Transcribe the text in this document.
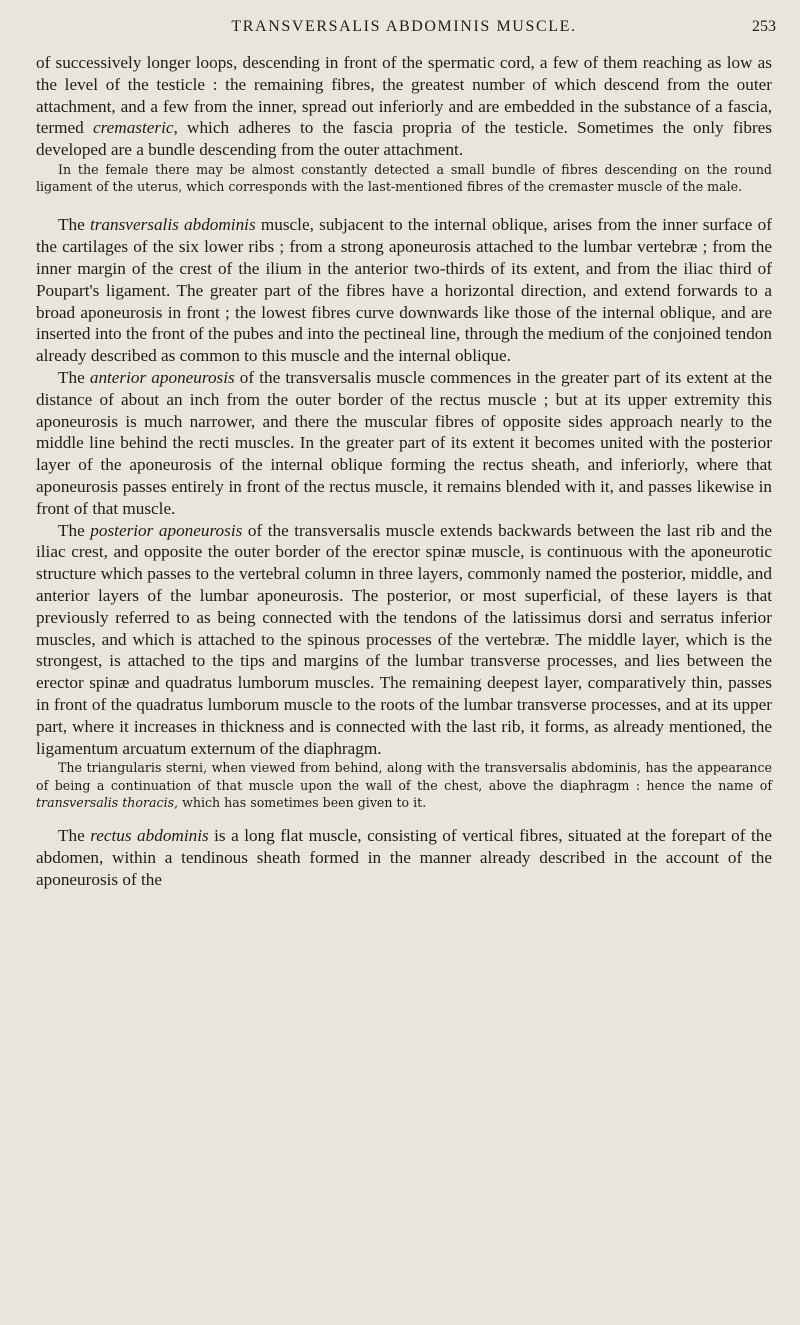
TRANSVERSALIS ABDOMINIS MUSCLE.	253

of successively longer loops, descending in front of the spermatic cord, a few of them reaching as low as the level of the testicle : the remaining fibres, the greatest number of which descend from the outer attachment, and a few from the inner, spread out inferiorly and are embedded in the substance of a fascia, termed cremasteric, which adheres to the fascia propria of the testicle. Sometimes the only fibres developed are a bundle descending from the outer attachment.

In the female there may be almost constantly detected a small bundle of fibres descending on the round ligament of the uterus, which corresponds with the last-mentioned fibres of the cremaster muscle of the male.

The transversalis abdominis muscle, subjacent to the internal oblique, arises from the inner surface of the cartilages of the six lower ribs ; from a strong aponeurosis attached to the lumbar vertebræ ; from the inner margin of the crest of the ilium in the anterior two-thirds of its extent, and from the iliac third of Poupart's ligament. The greater part of the fibres have a horizontal direction, and extend forwards to a broad aponeurosis in front ; the lowest fibres curve downwards like those of the internal oblique, and are inserted into the front of the pubes and into the pectineal line, through the medium of the conjoined tendon already described as common to this muscle and the internal oblique.

The anterior aponeurosis of the transversalis muscle commences in the greater part of its extent at the distance of about an inch from the outer border of the rectus muscle ; but at its upper extremity this aponeurosis is much narrower, and there the muscular fibres of opposite sides approach nearly to the middle line behind the recti muscles. In the greater part of its extent it becomes united with the posterior layer of the aponeurosis of the internal oblique forming the rectus sheath, and inferiorly, where that aponeurosis passes entirely in front of the rectus muscle, it remains blended with it, and passes likewise in front of that muscle.

The posterior aponeurosis of the transversalis muscle extends backwards between the last rib and the iliac crest, and opposite the outer border of the erector spinæ muscle, is continuous with the aponeurotic structure which passes to the vertebral column in three layers, commonly named the posterior, middle, and anterior layers of the lumbar aponeurosis. The posterior, or most superficial, of these layers is that previously referred to as being connected with the tendons of the latissimus dorsi and serratus inferior muscles, and which is attached to the spinous processes of the vertebræ. The middle layer, which is the strongest, is attached to the tips and margins of the lumbar transverse processes, and lies between the erector spinæ and quadratus lumborum muscles. The remaining deepest layer, comparatively thin, passes in front of the quadratus lumborum muscle to the roots of the lumbar transverse processes, and at its upper part, where it increases in thickness and is connected with the last rib, it forms, as already mentioned, the ligamentum arcuatum externum of the diaphragm.

The triangularis sterni, when viewed from behind, along with the transversalis abdominis, has the appearance of being a continuation of that muscle upon the wall of the chest, above the diaphragm : hence the name of transversalis thoracis, which has sometimes been given to it.

The rectus abdominis is a long flat muscle, consisting of vertical fibres, situated at the forepart of the abdomen, within a tendinous sheath formed in the manner already described in the account of the aponeurosis of the
